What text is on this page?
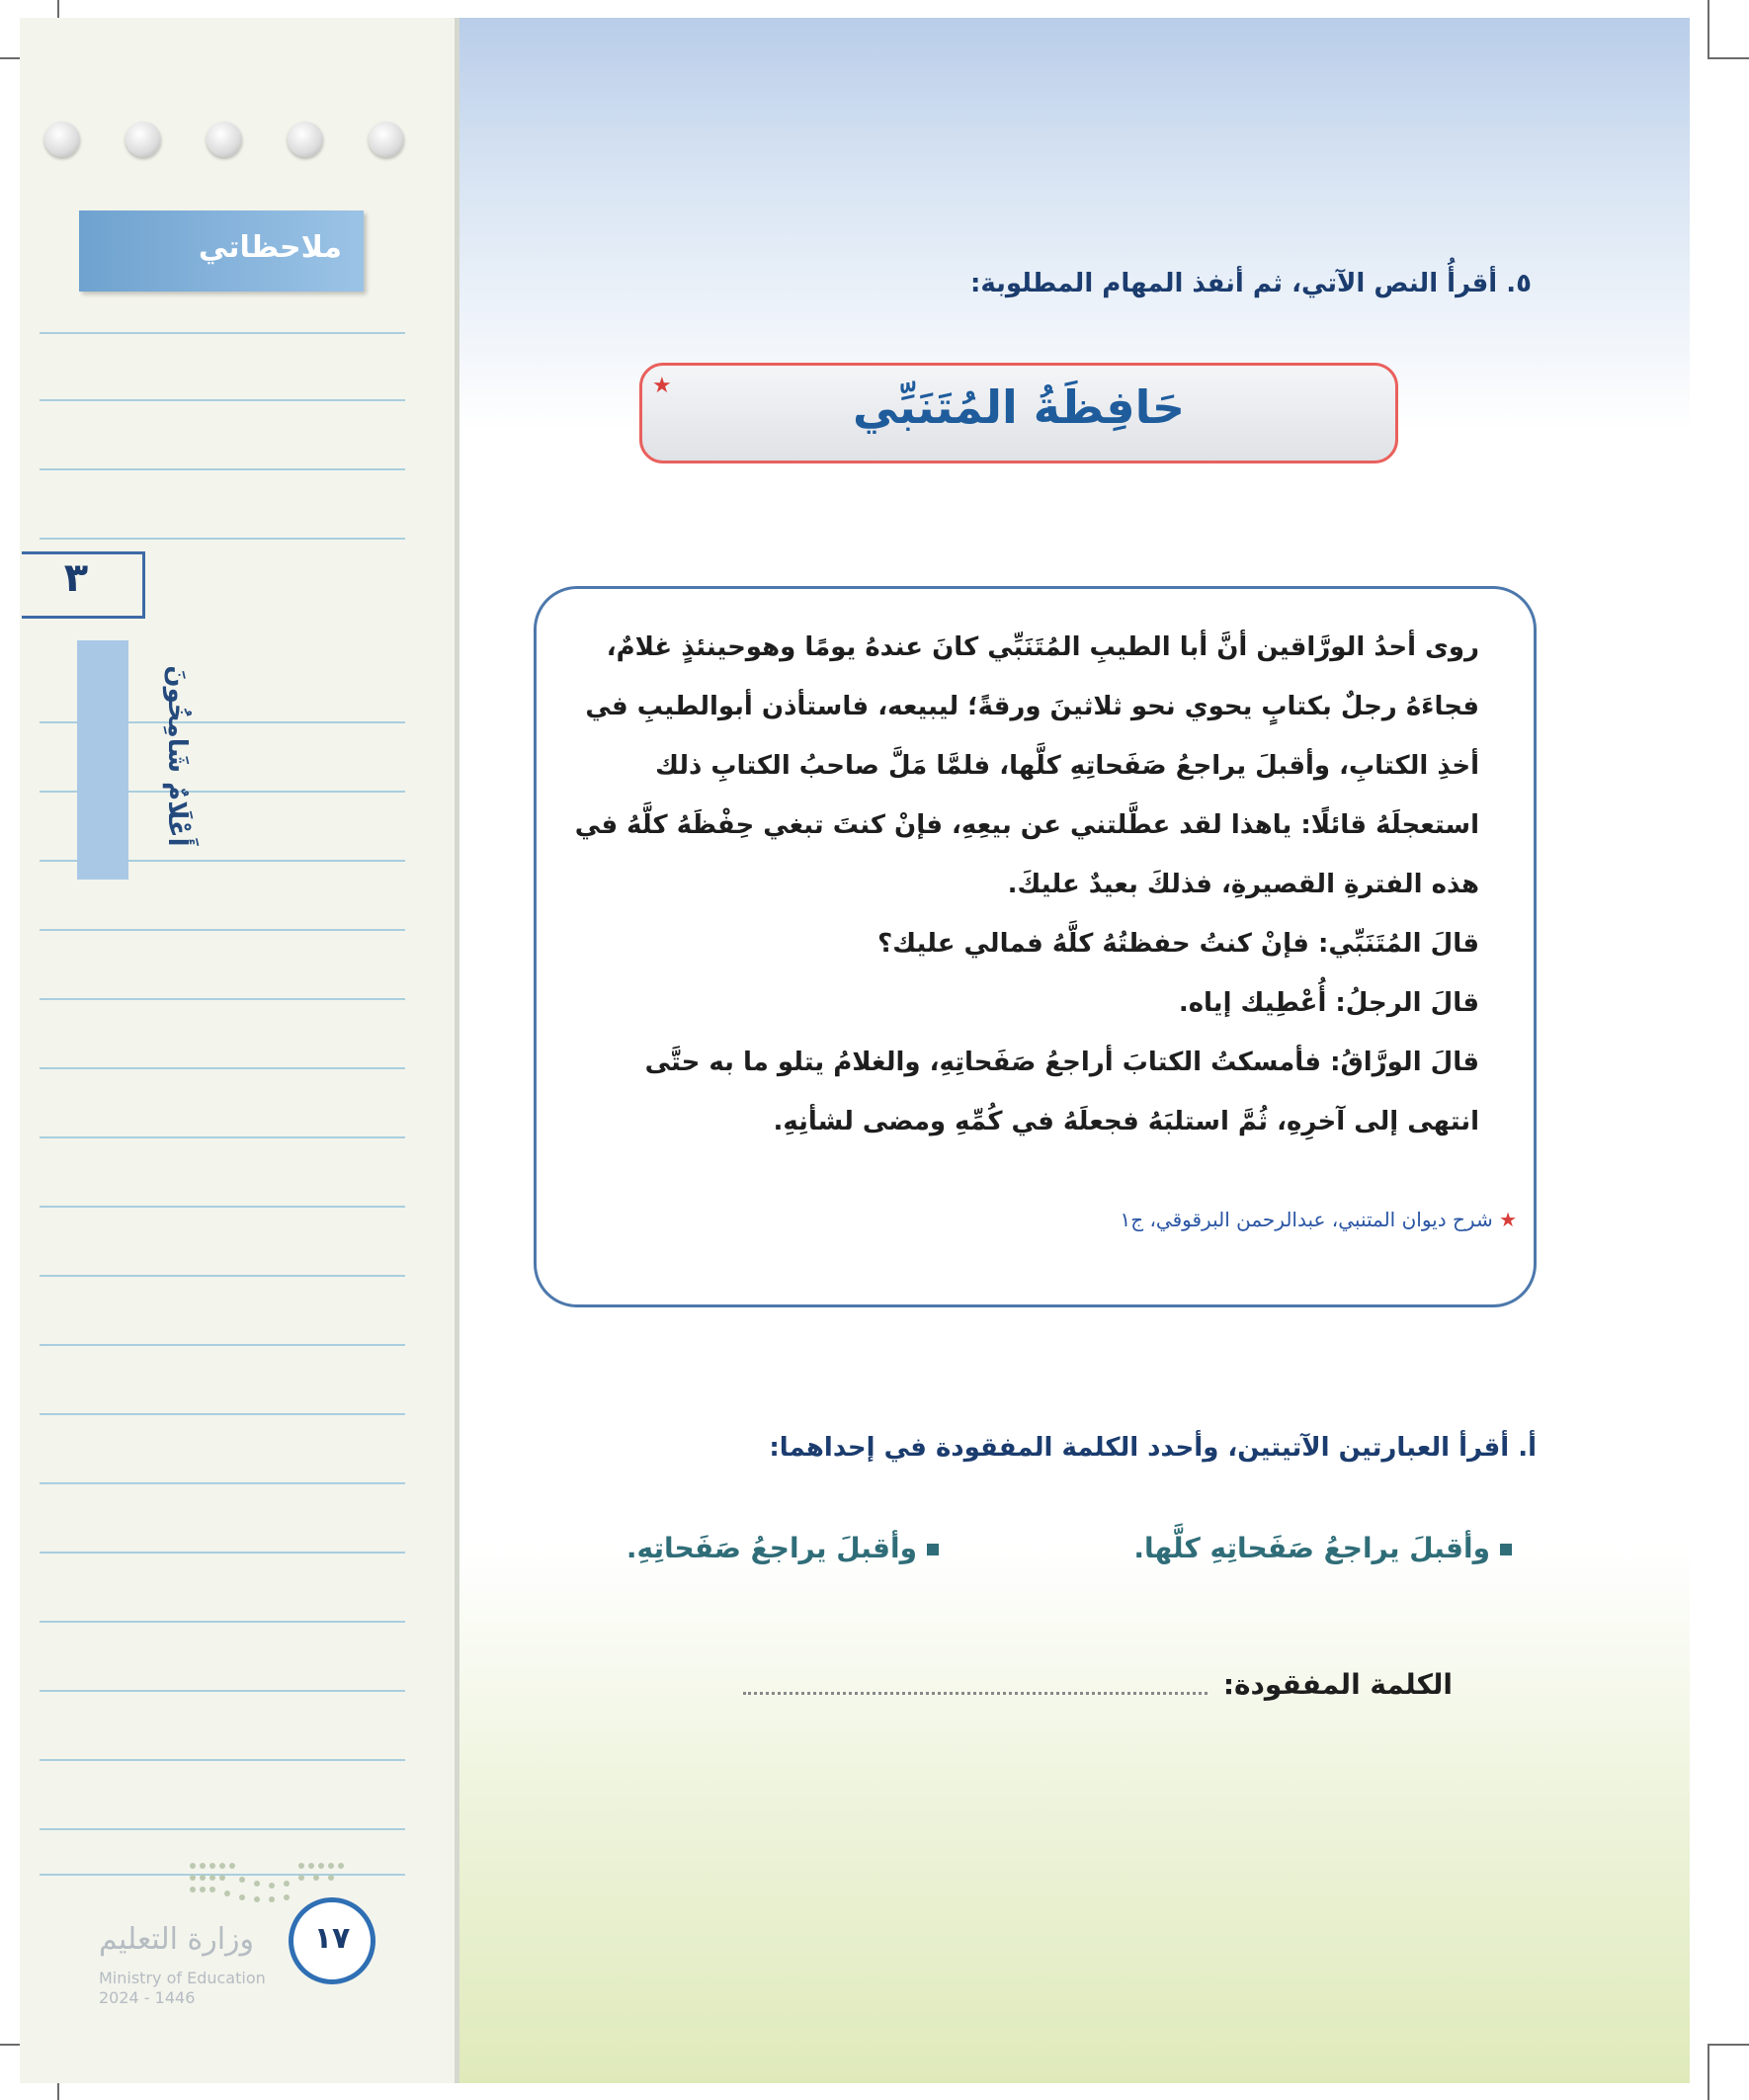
ملاحظاتي
٣
أَعْلَامٌ شَامِخُونَ
وزارة التعليم
Ministry of Education
2024 - 1446
١٧
٥. أقرأُ النص الآتي، ثم أنفذ المهام المطلوبة:
حَافِظَةُ المُتَنَبِّي
★

روى أحدُ الورَّاقين أنَّ أبا الطيبِ المُتَنَبِّي كانَ عندهُ يومًا وهوحينئذٍ غلامٌ، فجاءَهُ رجلٌ بكتابٍ يحوي نحو ثلاثينَ ورقةً؛ ليبيعه، فاستأذن أبوالطيبِ في أخذِ الكتابِ، وأقبلَ يراجعُ صَفَحاتِهِ كلَّها، فلمَّا مَلَّ صاحبُ الكتابِ ذلك استعجلَهُ قائلًا: ياهذا لقد عطَّلتني عن بيعِهِ، فإنْ كنتَ تبغي حِفْظَهُ كلَّهُ في هذه الفترةِ القصيرةِ، فذلكَ بعيدٌ عليكَ.

قالَ المُتَنَبِّي: فإنْ كنتُ حفظتُهُ كلَّهُ فمالي عليك؟

قالَ الرجلُ: أُعْطِيك إياه.

قالَ الورَّاقُ: فأمسكتُ الكتابَ أراجعُ صَفَحاتِهِ، والغلامُ يتلو ما به حتَّى انتهى إلى آخرِهِ، ثُمَّ استلبَهُ فجعلَهُ في كُمِّهِ ومضى لشأنِهِ.

★ شرح ديوان المتنبي، عبدالرحمن البرقوقي، ج١
أ. أقرأ العبارتين الآتيتين، وأحدد الكلمة المفقودة في إحداهما:
وأقبلَ يراجعُ صَفَحاتِهِ كلَّها.
وأقبلَ يراجعُ صَفَحاتِهِ.
الكلمة المفقودة:
